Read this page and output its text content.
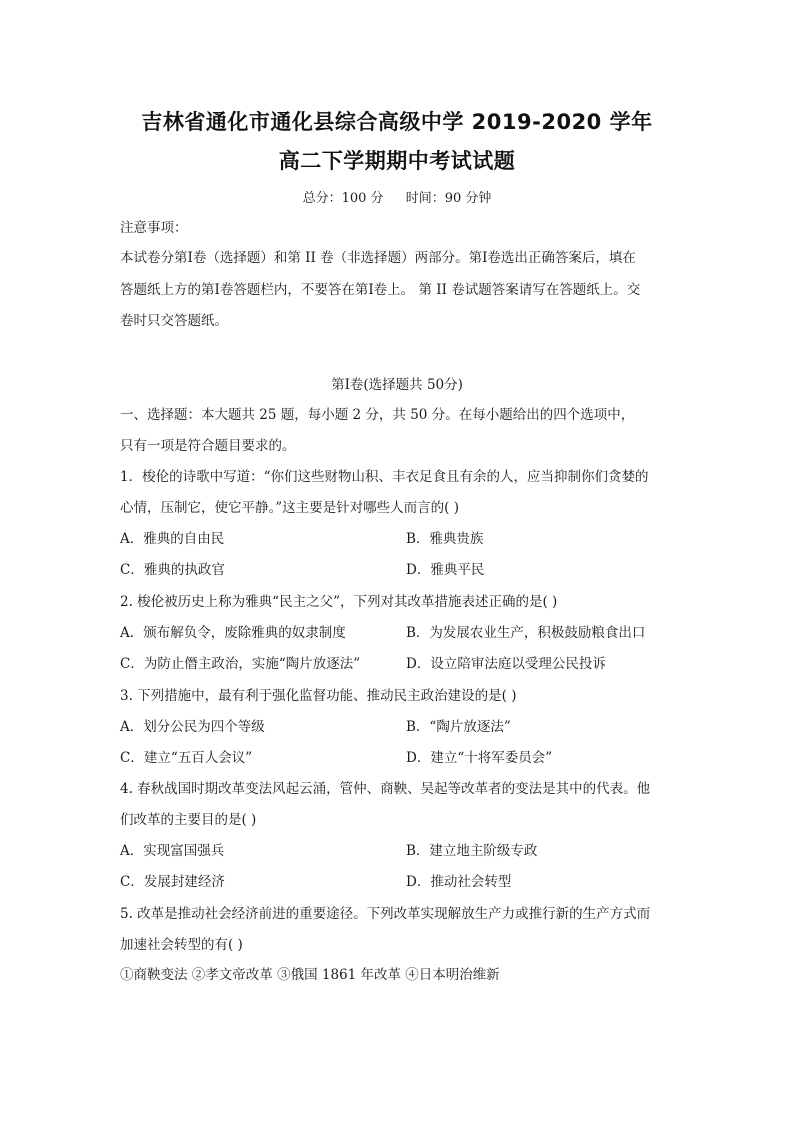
吉林省通化市通化县综合高级中学 2019-2020 学年
高二下学期期中考试试题
总分：100 分 时间：90 分钟
注意事项：
本试卷分第Ⅰ卷（选择题）和第 II 卷（非选择题）两部分。第Ⅰ卷选出正确答案后，填在
答题纸上方的第Ⅰ卷答题栏内，不要答在第Ⅰ卷上。 第 II 卷试题答案请写在答题纸上。交
卷时只交答题纸。
第Ⅰ卷(选择题共 50分)
一、选择题：本大题共 25 题，每小题 2 分，共 50 分。在每小题给出的四个选项中，
只有一项是符合题目要求的。
1．梭伦的诗歌中写道：“你们这些财物山积、丰衣足食且有余的人，应当抑制你们贪婪的
心情，压制它，使它平静。”这主要是针对哪些人而言的( )
A．雅典的自由民	B．雅典贵族
C．雅典的执政官	D．雅典平民
2. 梭伦被历史上称为雅典“民主之父”，下列对其改革措施表述正确的是( )
A．颁布解负令，废除雅典的奴隶制度	B．为发展农业生产，积极鼓励粮食出口
C．为防止僭主政治，实施“陶片放逐法”	D．设立陪审法庭以受理公民投诉
3. 下列措施中，最有利于强化监督功能、推动民主政治建设的是( )
A．划分公民为四个等级	B．“陶片放逐法”
C．建立“五百人会议”	D．建立“十将军委员会”
4. 春秋战国时期改革变法风起云涌，管仲、商鞅、吴起等改革者的变法是其中的代表。他
们改革的主要目的是( )
A．实现富国强兵	B．建立地主阶级专政
C．发展封建经济	D．推动社会转型
5. 改革是推动社会经济前进的重要途径。下列改革实现解放生产力或推行新的生产方式而
加速社会转型的有( )
①商鞅变法 ②孝文帝改革 ③俄国 1861 年改革 ④日本明治维新
